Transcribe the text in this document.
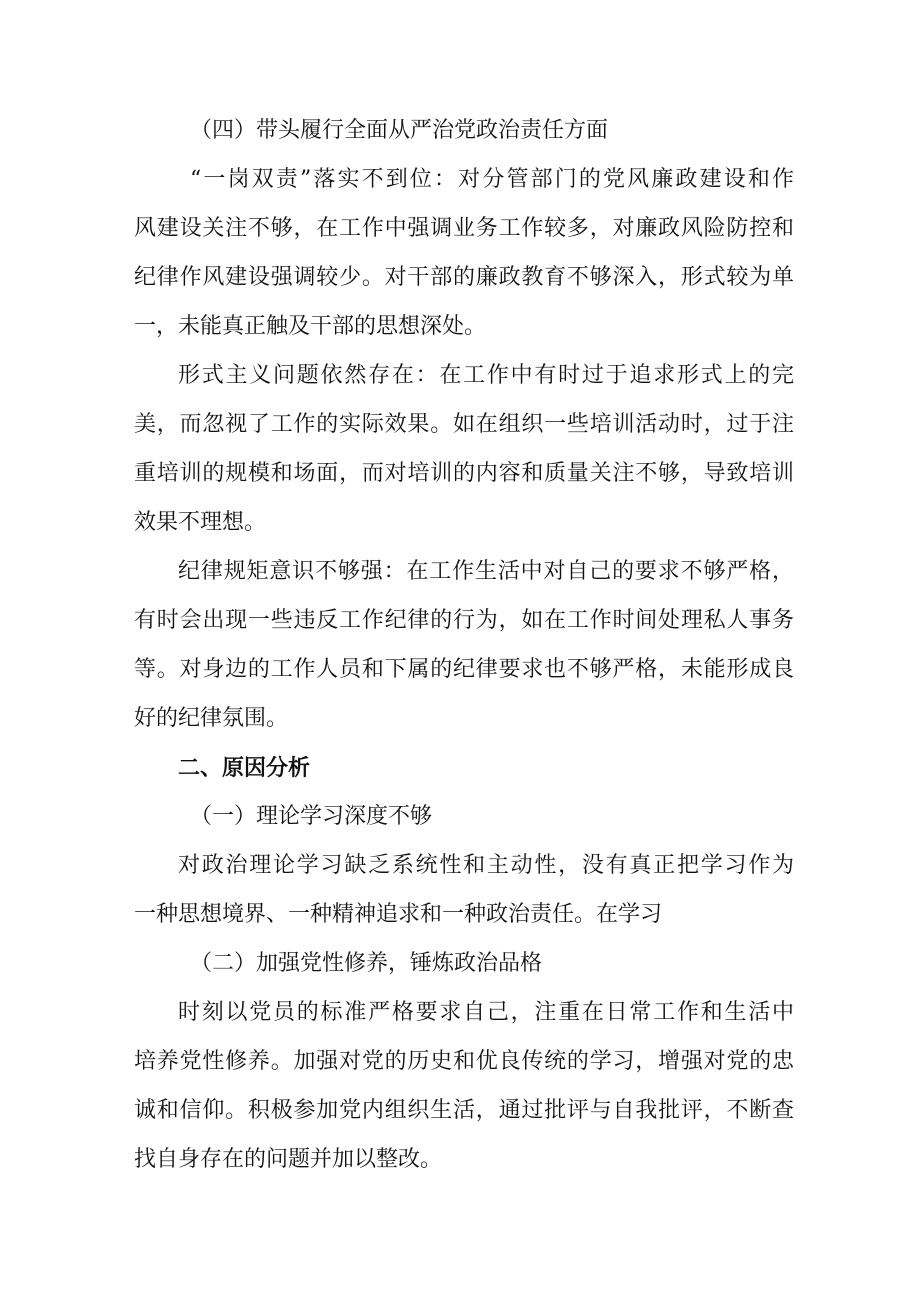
（四）带头履行全面从严治党政治责任方面
“一岗双责”落实不到位：对分管部门的党风廉政建设和作
风建设关注不够，在工作中强调业务工作较多，对廉政风险防控和
纪律作风建设强调较少。对干部的廉政教育不够深入，形式较为单
一，未能真正触及干部的思想深处。
形式主义问题依然存在：在工作中有时过于追求形式上的完
美，而忽视了工作的实际效果。如在组织一些培训活动时，过于注
重培训的规模和场面，而对培训的内容和质量关注不够，导致培训
效果不理想。
纪律规矩意识不够强：在工作生活中对自己的要求不够严格，
有时会出现一些违反工作纪律的行为，如在工作时间处理私人事务
等。对身边的工作人员和下属的纪律要求也不够严格，未能形成良
好的纪律氛围。
二、原因分析
（一）理论学习深度不够
对政治理论学习缺乏系统性和主动性，没有真正把学习作为
一种思想境界、一种精神追求和一种政治责任。在学习
（二）加强党性修养，锤炼政治品格
时刻以党员的标准严格要求自己，注重在日常工作和生活中
培养党性修养。加强对党的历史和优良传统的学习，增强对党的忠
诚和信仰。积极参加党内组织生活，通过批评与自我批评，不断查
找自身存在的问题并加以整改。
